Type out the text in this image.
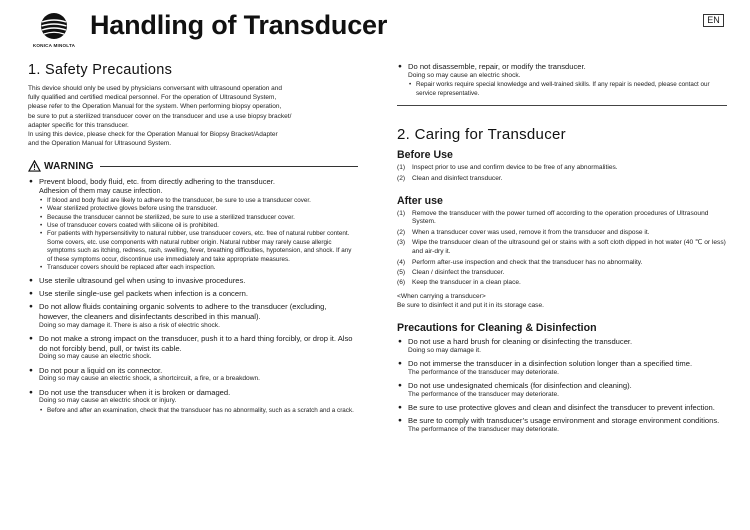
KONICA MINOLTA
Handling of Transducer	EN
1. Safety Precautions
This device should only be used by physicians conversant with ultrasound operation and
fully qualified and certified medical personnel. For the operation of Ultrasound System,
please refer to the Operation Manual for the system. When performing biopsy operation,
be sure to put a sterilized transducer cover on the transducer and use a use biopsy bracket/
adapter specific for this transducer.
In using this device, please check for the Operation Manual for Biopsy Bracket/Adapter
and the Operation Manual for Ultrasound System.
WARNING
● Prevent blood, body fluid, etc. from directly adhering to the transducer.
Adhesion of them may cause infection.
• If blood and body fluid are likely to adhere to the transducer, be sure to use a transducer cover.
• Wear sterilized protective gloves before using the transducer.
• Because the transducer cannot be sterilized, be sure to use a sterilized transducer cover.
• Use of transducer covers coated with silicone oil is prohibited.
• For patients with hypersensitivity to natural rubber, use transducer covers, etc. free of natural rubber content. Some covers, etc. use components with natural rubber origin. Natural rubber may rarely cause allergic symptoms such as itching, redness, rash, swelling, fever, breathing difficulties, hypotension, and shock. If any of these symptoms occur, discontinue use immediately and take appropriate measures.
• Transducer covers should be replaced after each inspection.
● Use sterile ultrasound gel when using to invasive procedures.
● Use sterile single-use gel packets when infection is a concern.
● Do not allow fluids containing organic solvents to adhere to the transducer (excluding, however, the cleaners and disinfectants described in this manual).
Doing so may damage it. There is also a risk of electric shock.
● Do not make a strong impact on the transducer, push it to a hard thing forcibly, or drop it. Also do not forcibly bend, pull, or twist its cable.
Doing so may cause an electric shock.
● Do not pour a liquid on its connector.
Doing so may cause an electric shock, a shortcircuit, a fire, or a breakdown.
● Do not use the transducer when it is broken or damaged.
Doing so may cause an electric shock or injury.
• Before and after an examination, check that the transducer has no abnormality, such as a scratch and a crack.
● Do not disassemble, repair, or modify the transducer.
Doing so may cause an electric shock.
• Repair works require special knowledge and well-trained skills. If any repair is needed, please contact our service representative.
2. Caring for Transducer
Before Use
(1) Inspect prior to use and confirm device to be free of any abnormalities.
(2) Clean and disinfect transducer.
After use
(1) Remove the transducer with the power turned off according to the operation procedures of Ultrasound System.
(2) When a transducer cover was used, remove it from the transducer and dispose it.
(3) Wipe the transducer clean of the ultrasound gel or stains with a soft cloth dipped in hot water (40 ℃ or less) and air-dry it.
(4) Perform after-use inspection and check that the transducer has no abnormality.
(5) Clean / disinfect the transducer.
(6) Keep the transducer in a clean place.
<When carrying a transducer>
Be sure to disinfect it and put it in its storage case.
Precautions for Cleaning & Disinfection
● Do not use a hard brush for cleaning or disinfecting the transducer.
Doing so may damage it.
● Do not immerse the transducer in a disinfection solution longer than a specified time.
The performance of the transducer may deteriorate.
● Do not use undesignated chemicals (for disinfection and cleaning).
The performance of the transducer may deteriorate.
● Be sure to use protective gloves and clean and disinfect the transducer to prevent infection.
● Be sure to comply with transducer’s usage environment and storage environment conditions.
The performance of the transducer may deteriorate.
